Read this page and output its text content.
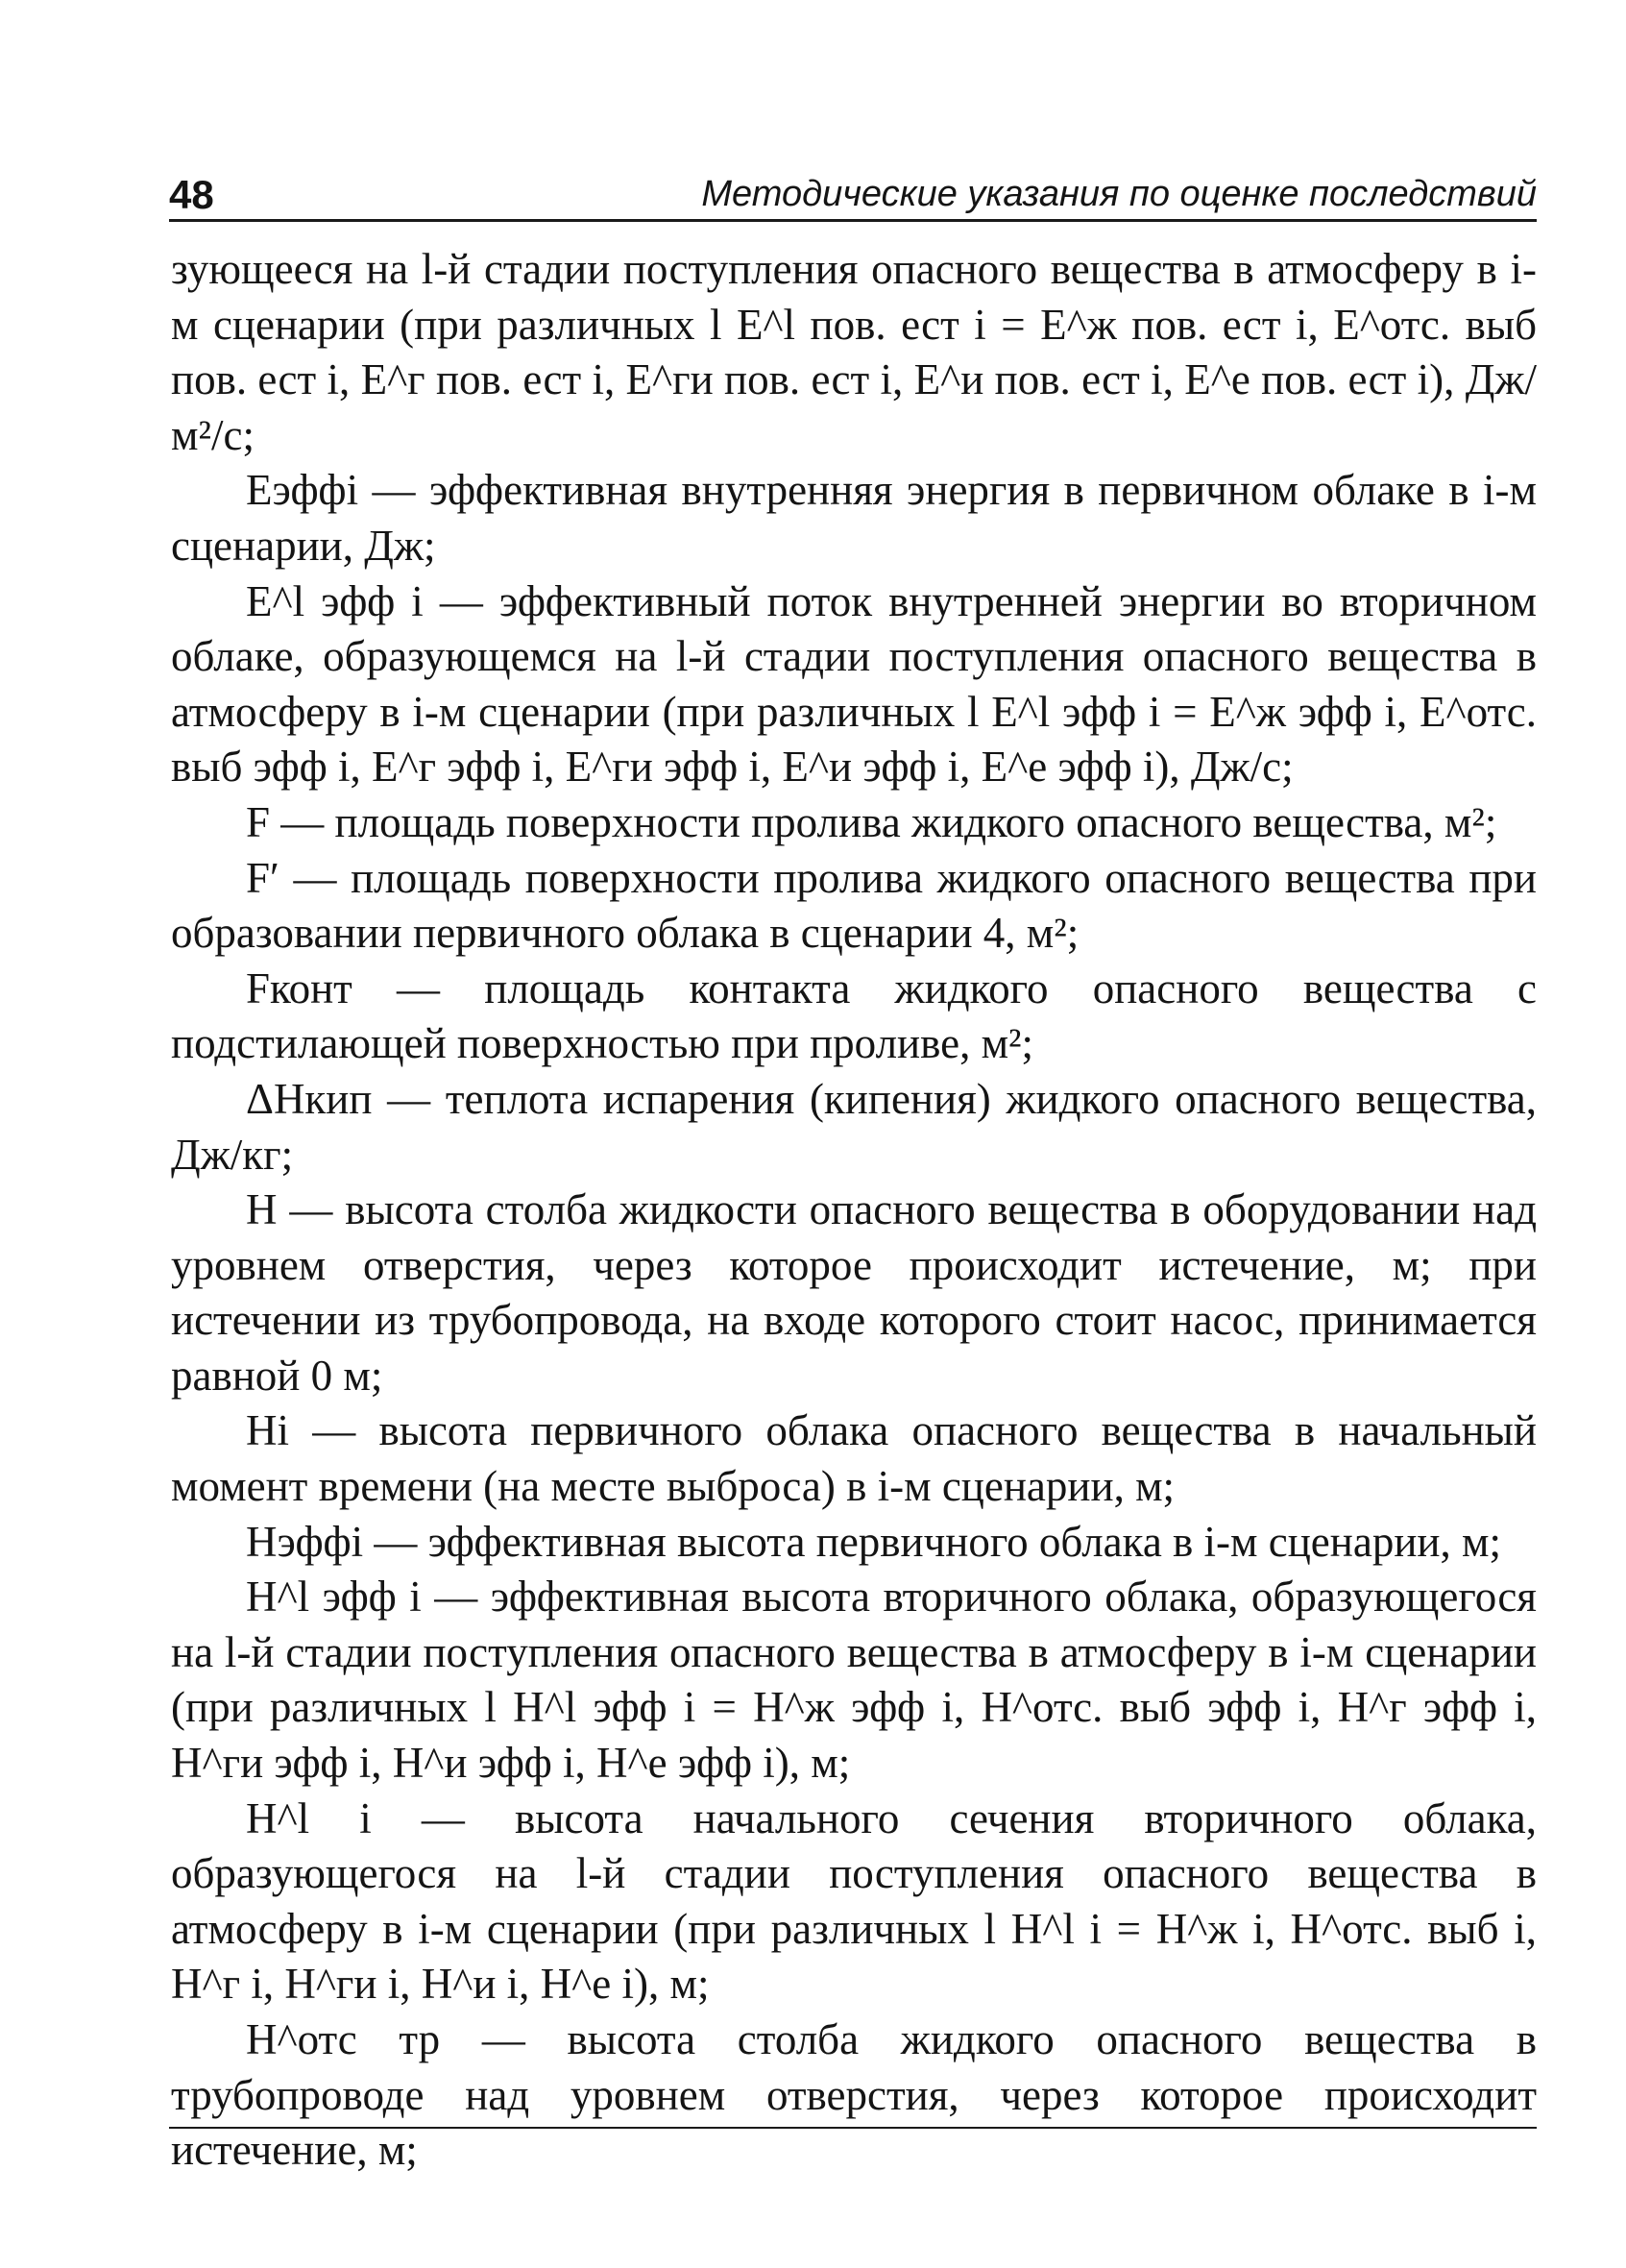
48	Методические указания по оценке последствий

зующееся на l-й стадии поступления опасного вещества в атмосферу в i-м сценарии (при различных l E^l пов. ест i = E^ж пов. ест i, E^отс. выб пов. ест i, E^г пов. ест i, E^ги пов. ест i, E^и пов. ест i, E^е пов. ест i), Дж/м²/с;

Eэффi — эффективная внутренняя энергия в первичном облаке в i-м сценарии, Дж;

E^l эфф i — эффективный поток внутренней энергии во вторичном облаке, образующемся на l-й стадии поступления опасного вещества в атмосферу в i-м сценарии (при различных l E^l эфф i = E^ж эфф i, E^отс. выб эфф i, E^г эфф i, E^ги эфф i, E^и эфф i, E^е эфф i), Дж/с;

F — площадь поверхности пролива жидкого опасного вещества, м²;

F′ — площадь поверхности пролива жидкого опасного вещества при образовании первичного облака в сценарии 4, м²;

Fконт — площадь контакта жидкого опасного вещества с подстилающей поверхностью при проливе, м²;

ΔHкип — теплота испарения (кипения) жидкого опасного вещества, Дж/кг;

H — высота столба жидкости опасного вещества в оборудовании над уровнем отверстия, через которое происходит истечение, м; при истечении из трубопровода, на входе которого стоит насос, принимается равной 0 м;

Hi — высота первичного облака опасного вещества в начальный момент времени (на месте выброса) в i-м сценарии, м;

Hэффi — эффективная высота первичного облака в i-м сценарии, м;

H^l эфф i — эффективная высота вторичного облака, образующегося на l-й стадии поступления опасного вещества в атмосферу в i-м сценарии (при различных l H^l эфф i = H^ж эфф i, H^отс. выб эфф i, H^г эфф i, H^ги эфф i, H^и эфф i, H^е эфф i), м;

H^l i — высота начального сечения вторичного облака, образующегося на l-й стадии поступления опасного вещества в атмосферу в i-м сценарии (при различных l H^l i = H^ж i, H^отс. выб i, H^г i, H^ги i, H^и i, H^е i), м;

H^отс тр — высота столба жидкого опасного вещества в трубопроводе над уровнем отверстия, через которое происходит истечение, м;
